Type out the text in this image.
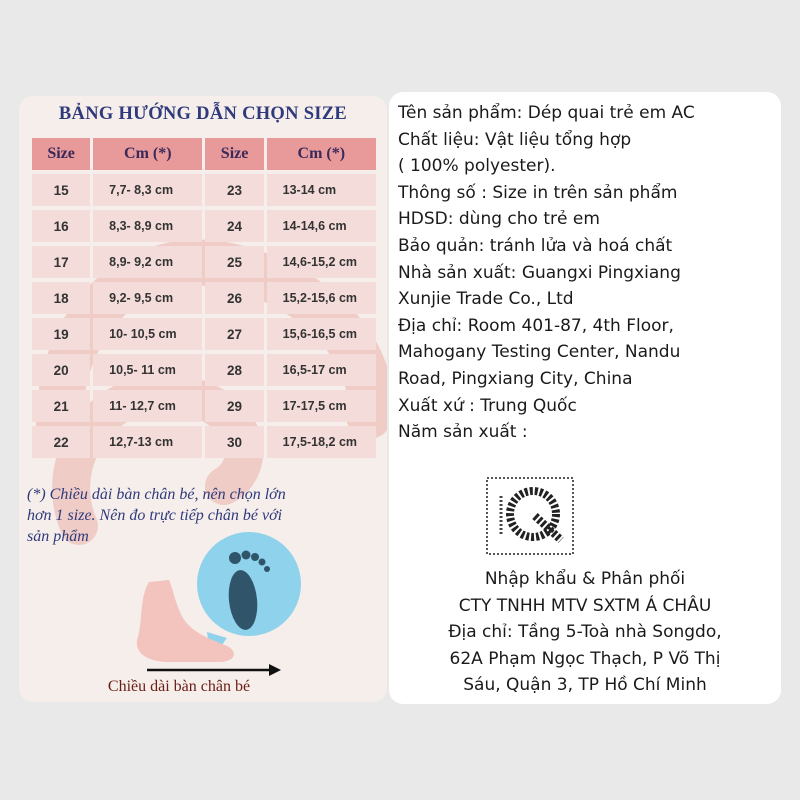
BẢNG HƯỚNG DẪN CHỌN SIZE
Size	Cm (*)	Size	Cm (*)
15	7,7- 8,3 cm	23	13-14 cm
16	8,3- 8,9 cm	24	14-14,6 cm
17	8,9- 9,2 cm	25	14,6-15,2 cm
18	9,2- 9,5 cm	26	15,2-15,6 cm
19	10- 10,5 cm	27	15,6-16,5 cm
20	10,5- 11 cm	28	16,5-17 cm
21	11- 12,7 cm	29	17-17,5 cm
22	12,7-13 cm	30	17,5-18,2 cm
(*) Chiều dài bàn chân bé, nên chọn lớn
hơn 1 size. Nên đo trực tiếp chân bé với
sản phẩm
Chiều dài bàn chân bé
Tên sản phẩm: Dép quai trẻ em AC
Chất liệu: Vật liệu tổng hợp
( 100% polyester).
Thông số : Size in trên sản phẩm
HDSD: dùng cho trẻ em
Bảo quản: tránh lửa và hoá chất
Nhà sản xuất: Guangxi Pingxiang
Xunjie Trade Co., Ltd
Địa chỉ: Room 401-87, 4th Floor,
Mahogany Testing Center, Nandu
Road, Pingxiang City, China
Xuất xứ : Trung Quốc
Năm sản xuất :
Nhập khẩu & Phân phối
CTY TNHH MTV SXTM Á CHÂU
Địa chỉ: Tầng 5-Toà nhà Songdo,
62A Phạm Ngọc Thạch, P Võ Thị
Sáu, Quận 3, TP Hồ Chí Minh
